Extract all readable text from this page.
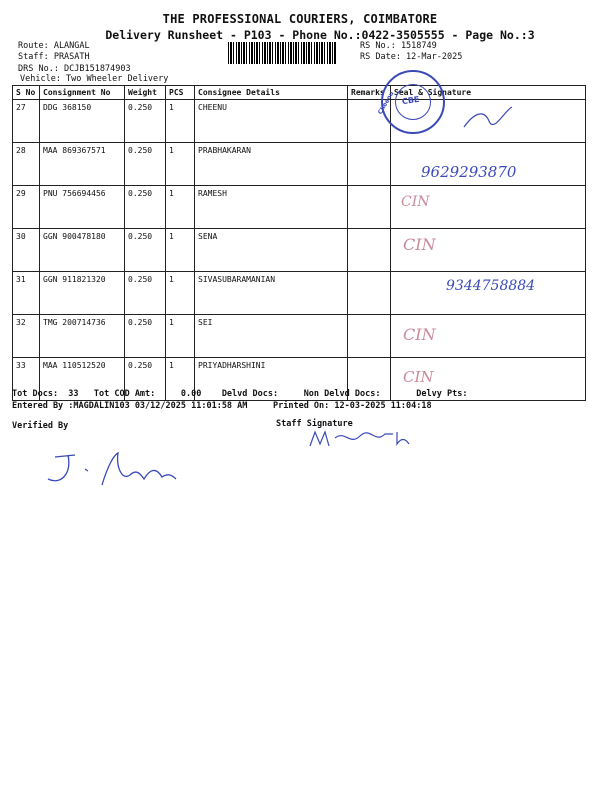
THE PROFESSIONAL COURIERS, COIMBATORE
Delivery Runsheet - P103 - Phone No.:0422-3505555 - Page No.:3
Route: ALANGAL
Staff: PRASATH
DRS No.: DCJB151874903
Vehicle: Two Wheeler Delivery
RS No.: 1518749
RS Date: 12-Mar-2025
S No	Consignment No	Weight	PCS	Consignee Details	Remarks	Seal & Signature
27	DDG 368150	0.250	1	CHEENU		
28	MAA 869367571	0.250	1	PRABHAKARAN		9629293870

29	PNU 756694456	0.250	1	RAMESH		CIN

30	GGN 900478180	0.250	1	SENA		CIN

31	GGN 911821320	0.250	1	SIVASUBARAMANIAN		9344758884

32	TMG 200714736	0.250	1	SEI		CIN

33	MAA 110512520	0.250	1	PRIYADHARSHINI		CIN
CBE
Cheenu
Tot Docs:  33   Tot COD Amt:     0.00    Delvd Docs:     Non Delvd Docs:       Delvy Pts:
Entered By :MAGDALIN103 03/12/2025 11:01:58 AM     Printed On: 12-03-2025 11:04:18
Verified By	Staff Signature
